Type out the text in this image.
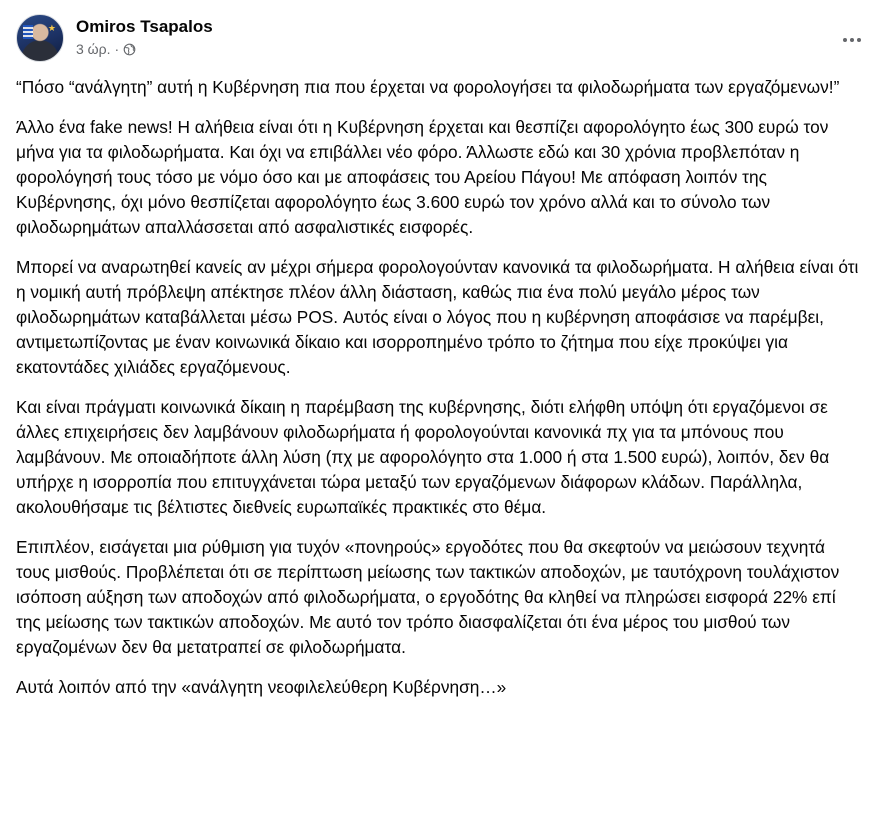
★ Omiros Tsapalos
3 ώρ. ·

“Πόσο “ανάλγητη” αυτή η Κυβέρνηση πια που έρχεται να φορολογήσει τα φιλοδωρήματα των εργαζόμενων!”

Άλλο ένα fake news! Η αλήθεια είναι ότι η Κυβέρνηση έρχεται και θεσπίζει αφορολόγητο έως 300 ευρώ τον μήνα για τα φιλοδωρήματα. Και όχι να επιβάλλει νέο φόρο. Άλλωστε εδώ και 30 χρόνια προβλεπόταν η φορολόγησή τους τόσο με νόμο όσο και με αποφάσεις του Αρείου Πάγου! Με απόφαση λοιπόν της Κυβέρνησης, όχι μόνο θεσπίζεται αφορολόγητο έως 3.600 ευρώ τον χρόνο αλλά και το σύνολο των φιλοδωρημάτων απαλλάσσεται από ασφαλιστικές εισφορές.

Μπορεί να αναρωτηθεί κανείς αν μέχρι σήμερα φορολογούνταν κανονικά τα φιλοδωρήματα. Η αλήθεια είναι ότι η νομική αυτή πρόβλεψη απέκτησε πλέον άλλη διάσταση, καθώς πια ένα πολύ μεγάλο μέρος των φιλοδωρημάτων καταβάλλεται μέσω POS. Αυτός είναι ο λόγος που η κυβέρνηση αποφάσισε να παρέμβει, αντιμετωπίζοντας με έναν κοινωνικά δίκαιο και ισορροπημένο τρόπο το ζήτημα που είχε προκύψει για εκατοντάδες χιλιάδες εργαζόμενους.

Και είναι πράγματι κοινωνικά δίκαιη η παρέμβαση της κυβέρνησης, διότι ελήφθη υπόψη ότι εργαζόμενοι σε άλλες επιχειρήσεις δεν λαμβάνουν φιλοδωρήματα ή φορολογούνται κανονικά πχ για τα μπόνους που λαμβάνουν. Με οποιαδήποτε άλλη λύση (πχ με αφορολόγητο στα 1.000 ή στα 1.500 ευρώ), λοιπόν, δεν θα υπήρχε η ισορροπία που επιτυγχάνεται τώρα μεταξύ των εργαζόμενων διάφορων κλάδων. Παράλληλα, ακολουθήσαμε τις βέλτιστες διεθνείς ευρωπαϊκές πρακτικές στο θέμα.

Επιπλέον, εισάγεται μια ρύθμιση για τυχόν «πονηρούς» εργοδότες που θα σκεφτούν να μειώσουν τεχνητά τους μισθούς. Προβλέπεται ότι σε περίπτωση μείωσης των τακτικών αποδοχών, με ταυτόχρονη τουλάχιστον ισόποση αύξηση των αποδοχών από φιλοδωρήματα, ο εργοδότης θα κληθεί να πληρώσει εισφορά 22% επί της μείωσης των τακτικών αποδοχών. Με αυτό τον τρόπο διασφαλίζεται ότι ένα μέρος του μισθού των εργαζομένων δεν θα μετατραπεί σε φιλοδωρήματα.

Αυτά λοιπόν από την «ανάλγητη νεοφιλελεύθερη Κυβέρνηση…»
